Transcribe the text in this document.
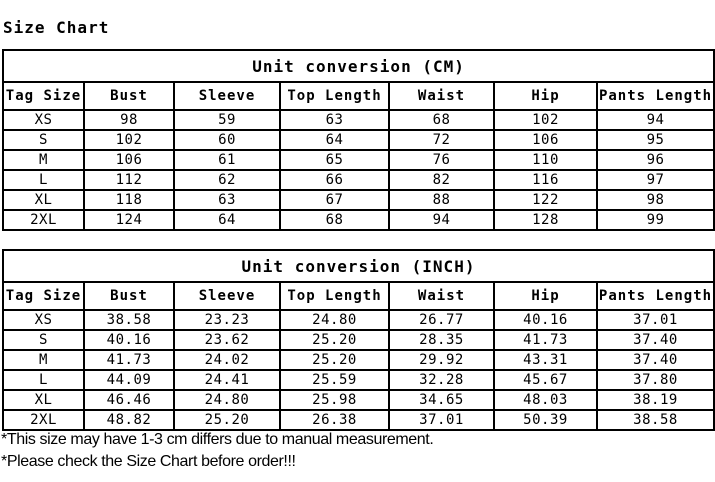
Size Chart
Unit conversion (CM)						
Tag Size	Bust	Sleeve	Top Length	Waist	Hip	Pants Length
XS	98	59	63	68	102	94
S	102	60	64	72	106	95
M	106	61	65	76	110	96
L	112	62	66	82	116	97
XL	118	63	67	88	122	98
2XL	124	64	68	94	128	99
Unit conversion (INCH)						
Tag Size	Bust	Sleeve	Top Length	Waist	Hip	Pants Length
XS	38.58	23.23	24.80	26.77	40.16	37.01
S	40.16	23.62	25.20	28.35	41.73	37.40
M	41.73	24.02	25.20	29.92	43.31	37.40
L	44.09	24.41	25.59	32.28	45.67	37.80
XL	46.46	24.80	25.98	34.65	48.03	38.19
2XL	48.82	25.20	26.38	37.01	50.39	38.58
*This size may have 1-3 cm differs due to manual measurement.
*Please check the Size Chart before order!!!
